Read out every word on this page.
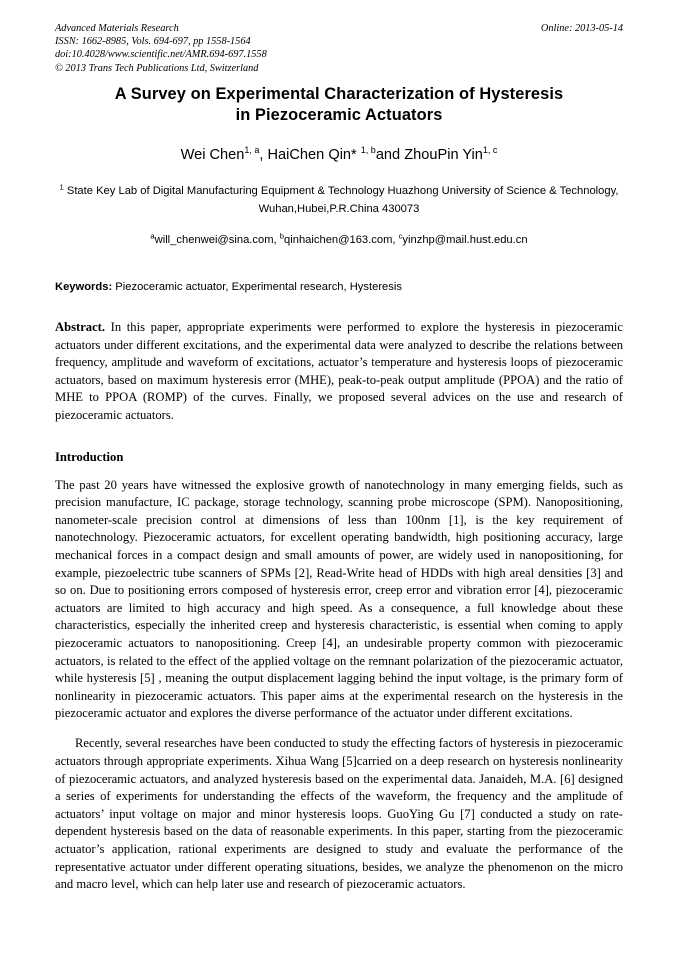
Advanced Materials Research
ISSN: 1662-8985, Vols. 694-697, pp 1558-1564
doi:10.4028/www.scientific.net/AMR.694-697.1558
© 2013 Trans Tech Publications Ltd, Switzerland
Online: 2013-05-14
A Survey on Experimental Characterization of Hysteresis in Piezoceramic Actuators
Wei Chen$^{1, a}$, HaiChen Qin* $^{1, b}$and ZhouPin Yin$^{1, c}$
$^1$ State Key Lab of Digital Manufacturing Equipment & Technology Huazhong University of Science & Technology, Wuhan,Hubei,P.R.China 430073
$^a$will_chenwei@sina.com, $^b$qinhaichen@163.com, $^c$yinzhp@mail.hust.edu.cn
Keywords: Piezoceramic actuator, Experimental research, Hysteresis
Abstract. In this paper, appropriate experiments were performed to explore the hysteresis in piezoceramic actuators under different excitations, and the experimental data were analyzed to describe the relations between frequency, amplitude and waveform of excitations, actuator’s temperature and hysteresis loops of piezoceramic actuators, based on maximum hysteresis error (MHE), peak-to-peak output amplitude (PPOA) and the ratio of MHE to PPOA (ROMP) of the curves. Finally, we proposed several advices on the use and research of piezoceramic actuators.
Introduction

The past 20 years have witnessed the explosive growth of nanotechnology in many emerging fields, such as precision manufacture, IC package, storage technology, scanning probe microscope (SPM). Nanopositioning, nanometer-scale precision control at dimensions of less than 100nm [1], is the key requirement of nanotechnology. Piezoceramic actuators, for excellent operating bandwidth, high positioning accuracy, large mechanical forces in a compact design and small amounts of power, are widely used in nanopositioning, for example, piezoelectric tube scanners of SPMs [2], Read-Write head of HDDs with high areal densities [3] and so on. Due to positioning errors composed of hysteresis error, creep error and vibration error [4], piezoceramic actuators are limited to high accuracy and high speed. As a consequence, a full knowledge about these characteristics, especially the inherited creep and hysteresis characteristic, is essential when coming to apply piezoceramic actuators to nanopositioning. Creep [4], an undesirable property common with piezoceramic actuators, is related to the effect of the applied voltage on the remnant polarization of the piezoceramic actuator, while hysteresis [5] , meaning the output displacement lagging behind the input voltage, is the primary form of nonlinearity in piezoceramic actuators. This paper aims at the experimental research on the hysteresis in the piezoceramic actuator and explores the diverse performance of the actuator under different excitations.

Recently, several researches have been conducted to study the effecting factors of hysteresis in piezoceramic actuators through appropriate experiments. Xihua Wang [5]carried on a deep research on hysteresis nonlinearity of piezoceramic actuators, and analyzed hysteresis based on the experimental data. Janaideh, M.A. [6] designed a series of experiments for understanding the effects of the waveform, the frequency and the amplitude of actuators’ input voltage on major and minor hysteresis loops. GuoYing Gu [7] conducted a study on rate-dependent hysteresis based on the data of reasonable experiments. In this paper, starting from the piezoceramic actuator’s application, rational experiments are designed to study and evaluate the performance of the representative actuator under different operating situations, besides, we analyze the phenomenon on the micro and macro level, which can help later use and research of piezoceramic actuators.
